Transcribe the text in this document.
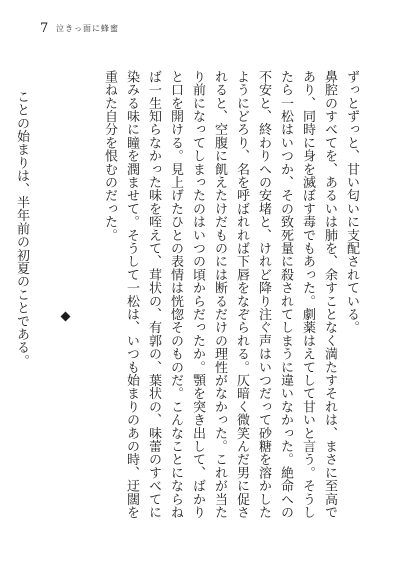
7 泣きっ面に蜂蜜

ずっとずっと、甘い匂いに支配されている。

鼻腔のすべてを、あるいは肺を、余すことなく満たすそれは、まさに至高であり、同時に身を滅ぼす毒でもあった。劇薬はえてして甘いと言う。そうしたら一松はいつか、その致死量に殺されてしまうに違いなかった。絶命への不安と、終わりへの安堵と、けれど降り注ぐ声はいつだって砂糖を溶かしたようにどろり、名を呼ばれれば下唇をなぞられる。仄暗く微笑んだ男に促されると、空腹に飢えたけだものには断るだけの理性がなかった。これが当たり前になってしまったのはいつの頃からだったか。顎を突き出して、ばかりと口を開ける。見上げたひとの表情は恍惚そのものだ。こんなことにならねば一生知らなかった味を咥えて、茸状の、有郭の、葉状の、味蕾のすべてに染みる味に瞳を潤ませて。そうして一松は、いつも始まりのあの時、迂闊を重ねた自分を恨むのだった。

ことの始まりは、半年前の初夏のことである。
